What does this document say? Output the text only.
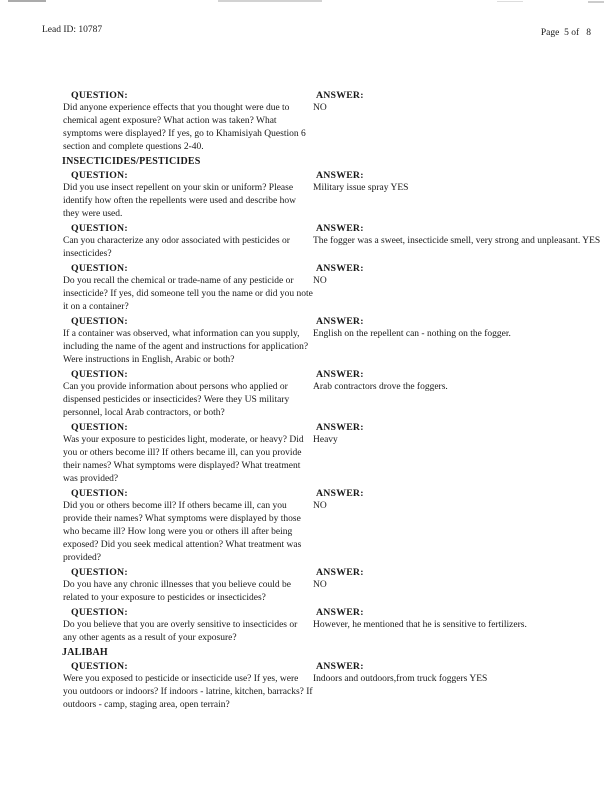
Lead ID: 10787	Page  5 of   8
QUESTION:
Did anyone experience effects that you thought were due to chemical agent exposure? What action was taken? What symptoms were displayed? If yes, go to Khamisiyah Question 6 section and complete questions 2-40.
ANSWER:
NO
INSECTICIDES/PESTICIDES
QUESTION:
Did you use insect repellent on your skin or uniform? Please identify how often the repellents were used and describe how they were used.
ANSWER:
Military issue spray YES
QUESTION:
Can you characterize any odor associated with pesticides or insecticides?
ANSWER:
The fogger was a sweet, insecticide smell, very strong and unpleasant. YES
QUESTION:
Do you recall the chemical or trade-name of any pesticide or insecticide? If yes, did someone tell you the name or did you note it on a container?
ANSWER:
NO
QUESTION:
If a container was observed, what information can you supply, including the name of the agent and instructions for application? Were instructions in English, Arabic or both?
ANSWER:
English on the repellent can - nothing on the fogger.
QUESTION:
Can you provide information about persons who applied or dispensed pesticides or insecticides? Were they US military personnel, local Arab contractors, or both?
ANSWER:
Arab contractors drove the foggers.
QUESTION:
Was your exposure to pesticides light, moderate, or heavy? Did you or others become ill? If others became ill, can you provide their names? What symptoms were displayed? What treatment was provided?
ANSWER:
Heavy
QUESTION:
Did you or others become ill? If others became ill, can you provide their names? What symptoms were displayed by those who became ill? How long were you or others ill after being exposed? Did you seek medical attention? What treatment was provided?
ANSWER:
NO
QUESTION:
Do you have any chronic illnesses that you believe could be related to your exposure to pesticides or insecticides?
ANSWER:
NO
QUESTION:
Do you believe that you are overly sensitive to insecticides or any other agents as a result of your exposure?
ANSWER:
However, he mentioned that he is sensitive to fertilizers.
JALIBAH
QUESTION:
Were you exposed to pesticide or insecticide use? If yes, were you outdoors or indoors? If indoors - latrine, kitchen, barracks? If outdoors - camp, staging area, open terrain?
ANSWER:
Indoors and outdoors,from truck foggers YES
